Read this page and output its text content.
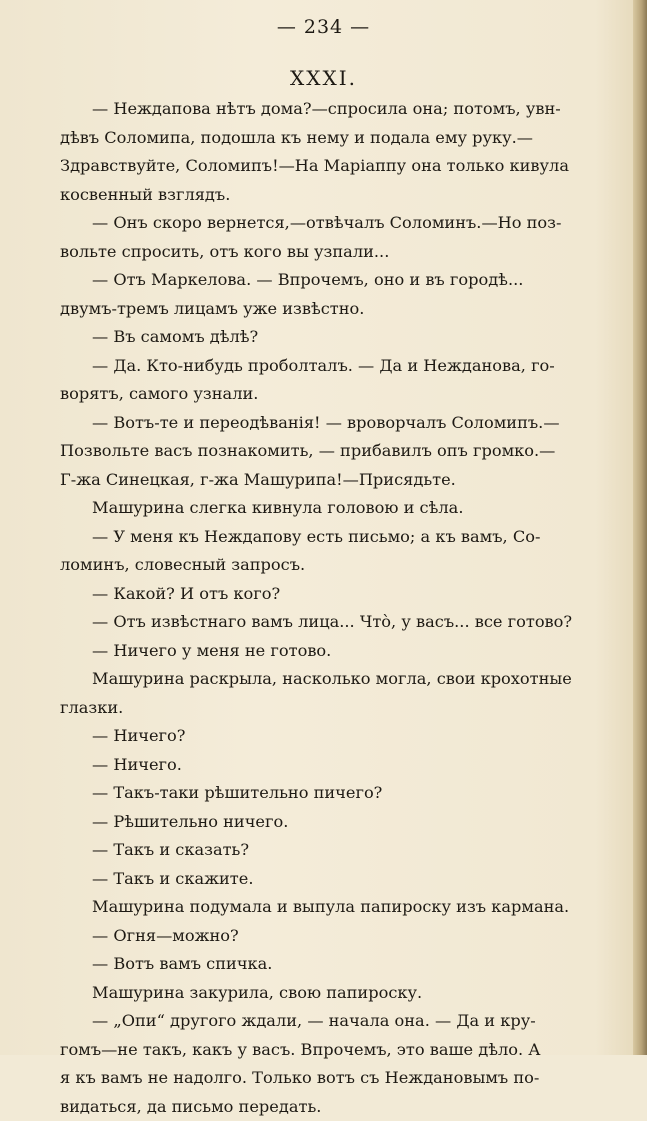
— 234 —
XXXI.
— Неждапова нѣтъ дома?—спросила она; потомъ, увн-
дѣвъ Соломипа, подошла къ нему и подала ему руку.—
Здравствуйте, Соломипъ!—На Маріаппу она только кивула
косвенный взглядъ.
— Онъ скоро вернется,—отвѣчалъ Соломинъ.—Но поз-
вольте спросить, отъ кого вы узпали...
— Отъ Маркелова. — Впрочемъ, оно и въ городѣ...
двумъ-тремъ лицамъ уже извѣстно.
— Въ самомъ дѣлѣ?
— Да. Кто-нибудь проболталъ. — Да и Нежданова, го-
ворятъ, самого узнали.
— Вотъ-те и переодѣванія! — вроворчалъ Соломипъ.—
Позвольте васъ познакомить, — прибавилъ опъ громко.—
Г-жа Синецкая, г-жа Машурипа!—Присядьте.
Машурина слегка кивнула головою и сѣла.
— У меня къ Неждапову есть письмо; а къ вамъ, Со-
ломинъ, словесный запросъ.
— Какой? И отъ кого?
— Отъ извѣстнаго вамъ лица... Что̀, у васъ... все готово?
— Ничего у меня не готово.
Машурина раскрыла, насколько могла, свои крохотные
глазки.
— Ничего?
— Ничего.
— Такъ-таки рѣшительно пичего?
— Рѣшительно ничего.
— Такъ и сказать?
— Такъ и скажите.
Машурина подумала и выпула папироску изъ кармана.
— Огня—можно?
— Вотъ вамъ спичка.
Машурина закурила, свою папироску.
— „Опи“ другого ждали, — начала она. — Да и кру-
гомъ—не такъ, какъ у васъ. Впрочемъ, это ваше дѣло. А
я къ вамъ не надолго. Только вотъ съ Неждановымъ по-
видаться, да письмо передать.
